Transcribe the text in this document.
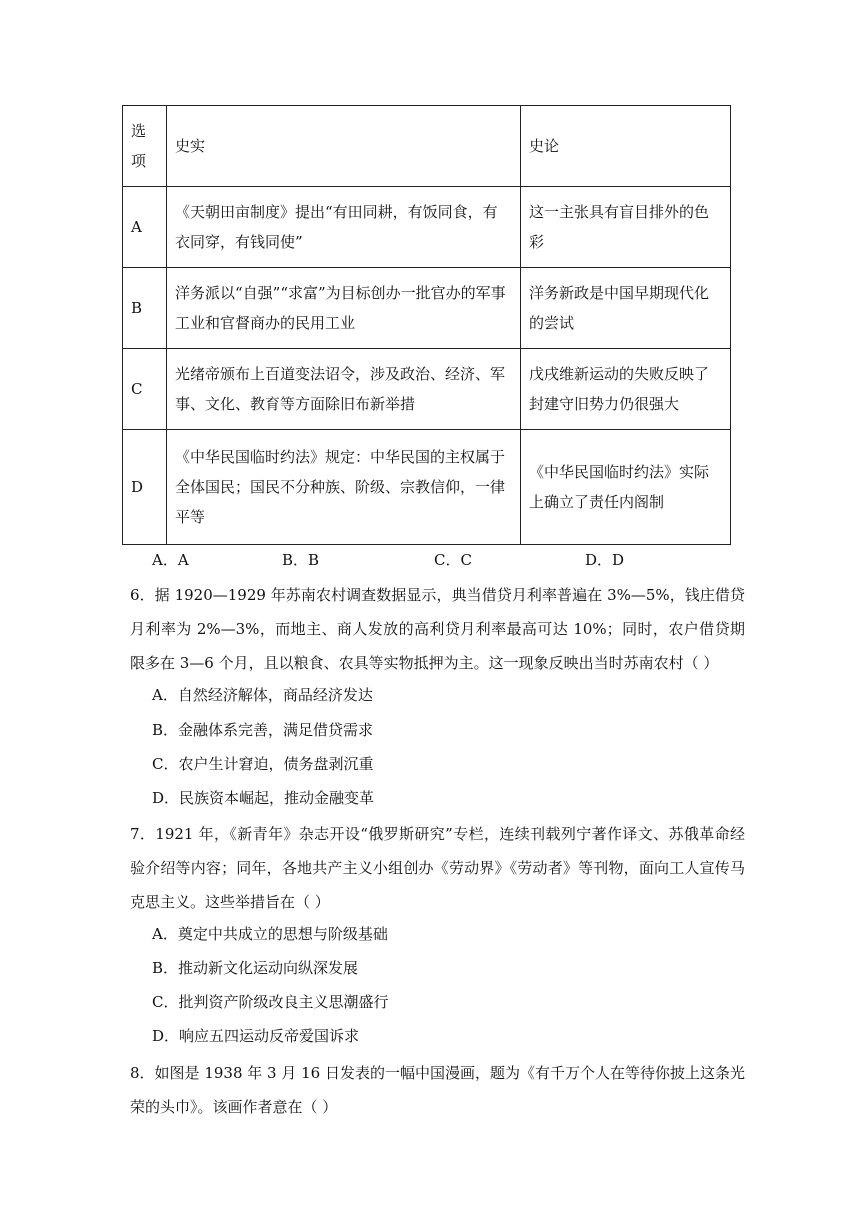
选项	史实	史论
A	《天朝田亩制度》提出“有田同耕，有饭同食，有衣同穿，有钱同使”	这一主张具有盲目排外的色彩
B	洋务派以“自强”“求富”为目标创办一批官办的军事工业和官督商办的民用工业	洋务新政是中国早期现代化的尝试
C	光绪帝颁布上百道变法诏令，涉及政治、经济、军事、文化、教育等方面除旧布新举措	戊戌维新运动的失败反映了封建守旧势力仍很强大
D	《中华民国临时约法》规定：中华民国的主权属于全体国民；国民不分种族、阶级、宗教信仰，一律平等	《中华民国临时约法》实际上确立了责任内阁制
A．A	B．B	C．C	D．D
6．据 1920—1929 年苏南农村调查数据显示，典当借贷月利率普遍在 3%—5%，钱庄借贷月利率为 2%—3%，而地主、商人发放的高利贷月利率最高可达 10%；同时，农户借贷期限多在 3—6 个月，且以粮食、农具等实物抵押为主。这一现象反映出当时苏南农村（ ）
A．自然经济解体，商品经济发达
B．金融体系完善，满足借贷需求
C．农户生计窘迫，债务盘剥沉重
D．民族资本崛起，推动金融变革
7．1921 年，《新青年》杂志开设“俄罗斯研究”专栏，连续刊载列宁著作译文、苏俄革命经验介绍等内容；同年，各地共产主义小组创办《劳动界》《劳动者》等刊物，面向工人宣传马克思主义。这些举措旨在（ ）
A．奠定中共成立的思想与阶级基础
B．推动新文化运动向纵深发展
C．批判资产阶级改良主义思潮盛行
D．响应五四运动反帝爱国诉求
8．如图是 1938 年 3 月 16 日发表的一幅中国漫画，题为《有千万个人在等待你披上这条光荣的头巾》。该画作者意在（ ）
